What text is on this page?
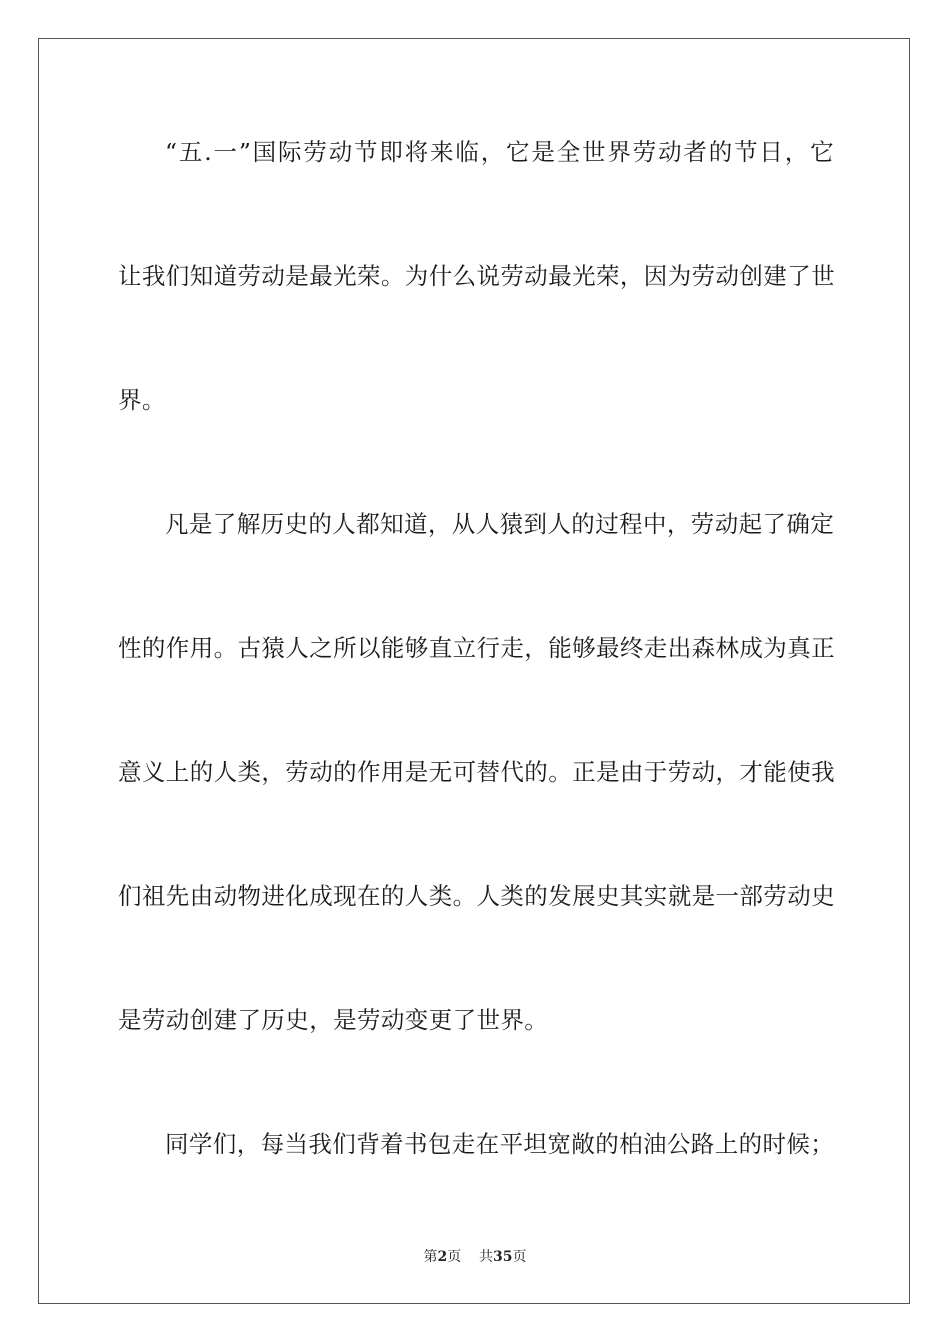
“五.一”国际劳动节即将来临，它是全世界劳动者的节日，它
让我们知道劳动是最光荣。为什么说劳动最光荣，因为劳动创建了世
界。
凡是了解历史的人都知道，从人猿到人的过程中，劳动起了确定
性的作用。古猿人之所以能够直立行走，能够最终走出森林成为真正
意义上的人类，劳动的作用是无可替代的。正是由于劳动，才能使我
们祖先由动物进化成现在的人类。人类的发展史其实就是一部劳动史
是劳动创建了历史，是劳动变更了世界。
同学们，每当我们背着书包走在平坦宽敞的柏油公路上的时候；
第2页 共35页
